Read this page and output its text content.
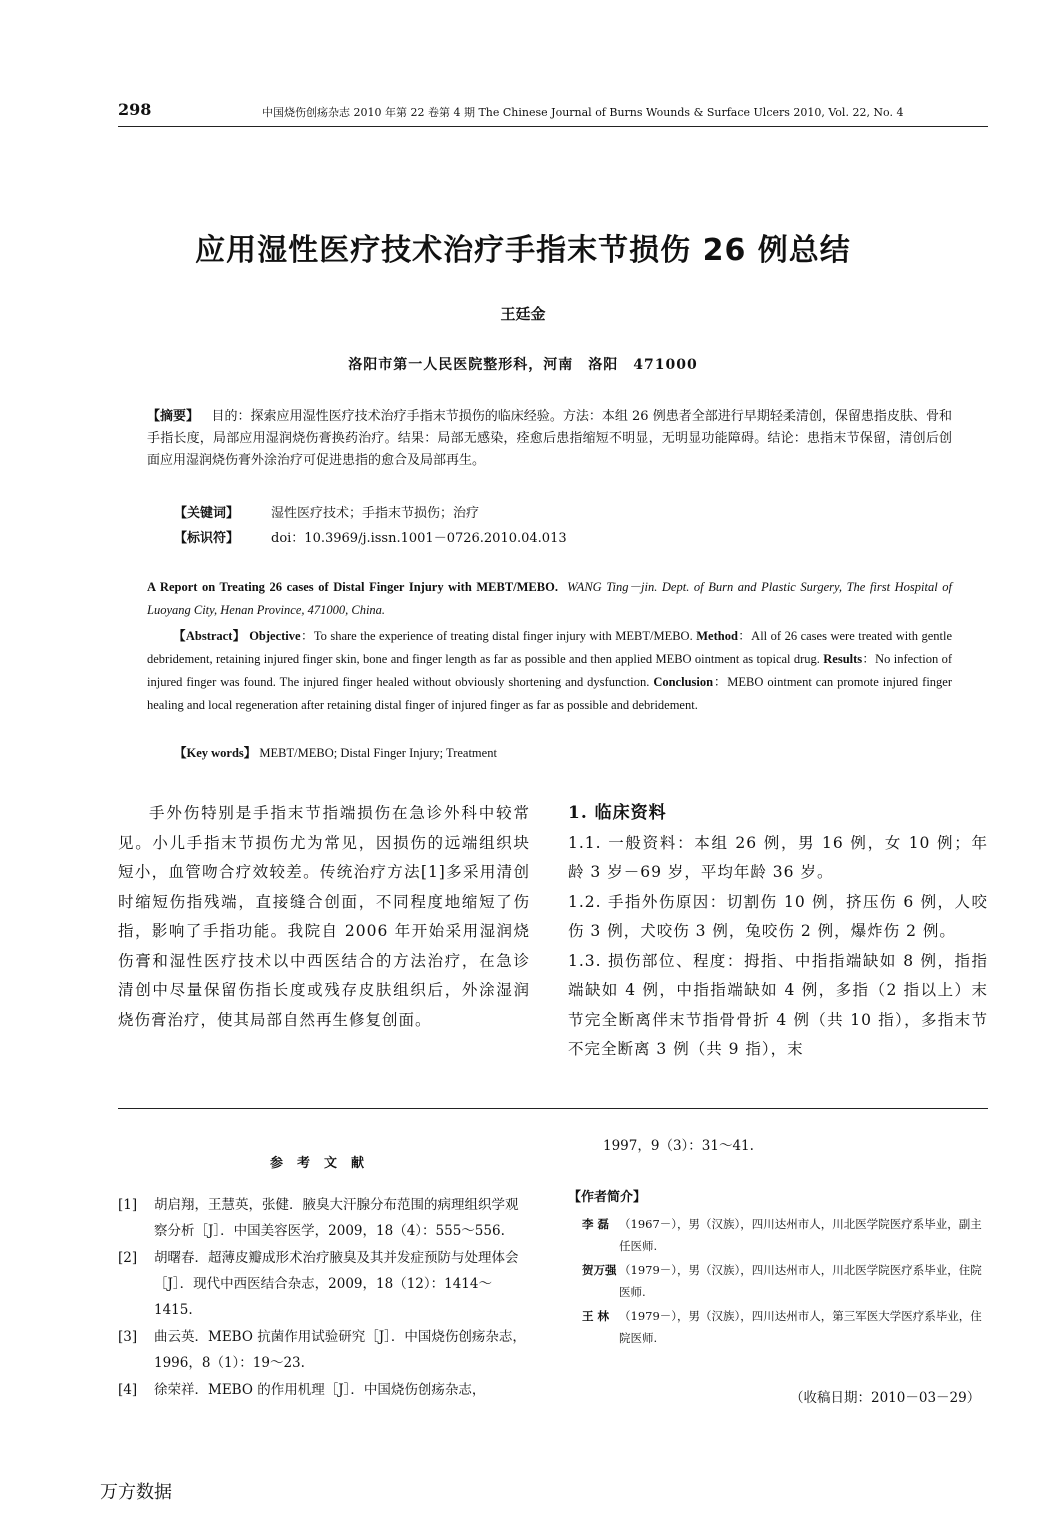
298	中国烧伤创疡杂志 2010 年第 22 卷第 4 期 The Chinese Journal of Burns Wounds & Surface Ulcers 2010, Vol. 22, No. 4
应用湿性医疗技术治疗手指末节损伤 26 例总结
王廷金
洛阳市第一人民医院整形科，河南　洛阳　471000
【摘要】 目的：探索应用湿性医疗技术治疗手指末节损伤的临床经验。方法：本组 26 例患者全部进行早期轻柔清创，保留患指皮肤、骨和手指长度，局部应用湿润烧伤膏换药治疗。结果：局部无感染，痊愈后患指缩短不明显，无明显功能障碍。结论：患指末节保留，清创后创面应用湿润烧伤膏外涂治疗可促进患指的愈合及局部再生。
【关键词】 湿性医疗技术；手指末节损伤；治疗
【标识符】 doi：10.3969/j.issn.1001－0726.2010.04.013
A Report on Treating 26 cases of Distal Finger Injury with MEBT/MEBO. WANG Ting－jin. Dept. of Burn and Plastic Surgery, The first Hospital of Luoyang City, Henan Province, 471000, China.
【Abstract】 Objective：To share the experience of treating distal finger injury with MEBT/MEBO. Method：All of 26 cases were treated with gentle debridement, retaining injured finger skin, bone and finger length as far as possible and then applied MEBO ointment as topical drug. Results：No infection of injured finger was found. The injured finger healed without obviously shortening and dysfunction. Conclusion：MEBO ointment can promote injured finger healing and local regeneration after retaining distal finger of injured finger as far as possible and debridement.
【Key words】 MEBT/MEBO; Distal Finger Injury; Treatment
手外伤特别是手指末节指端损伤在急诊外科中较常见。小儿手指末节损伤尤为常见，因损伤的远端组织块短小，血管吻合疗效较差。传统治疗方法[1]多采用清创时缩短伤指残端，直接缝合创面，不同程度地缩短了伤指，影响了手指功能。我院自 2006 年开始采用湿润烧伤膏和湿性医疗技术以中西医结合的方法治疗，在急诊清创中尽量保留伤指长度或残存皮肤组织后，外涂湿润烧伤膏治疗，使其局部自然再生修复创面。
1. 临床资料
1.1. 一般资料：本组 26 例，男 16 例，女 10 例；年龄 3 岁－69 岁，平均年龄 36 岁。
1.2. 手指外伤原因：切割伤 10 例，挤压伤 6 例，人咬伤 3 例，犬咬伤 3 例，兔咬伤 2 例，爆炸伤 2 例。
1.3. 损伤部位、程度：拇指、中指指端缺如 8 例，指指端缺如 4 例，中指指端缺如 4 例，多指（2 指以上）末节完全断离伴末节指骨骨折 4 例（共 10 指），多指末节不完全断离 3 例（共 9 指），末
参考文献
[1]	胡启翔，王慧英，张健．腋臭大汗腺分布范围的病理组织学观察分析［J］．中国美容医学，2009，18（4）：555～556.
[2]	胡曙春．超薄皮瓣成形术治疗腋臭及其并发症预防与处理体会［J］．现代中西医结合杂志，2009，18（12）：1414～1415.
[3]	曲云英．MEBO 抗菌作用试验研究［J］．中国烧伤创疡杂志，1996，8（1）：19～23.
[4]	徐荣祥．MEBO 的作用机理［J］．中国烧伤创疡杂志，
1997，9（3）：31～41.
【作者简介】
李 磊 （1967－），男（汉族），四川达州市人，川北医学院医疗系毕业，副主任医师.
贺万强 （1979－），男（汉族），四川达州市人，川北医学院医疗系毕业，住院医师.
王 林 （1979－），男（汉族），四川达州市人，第三军医大学医疗系毕业，住院医师.
（收稿日期：2010－03－29）
万方数据
